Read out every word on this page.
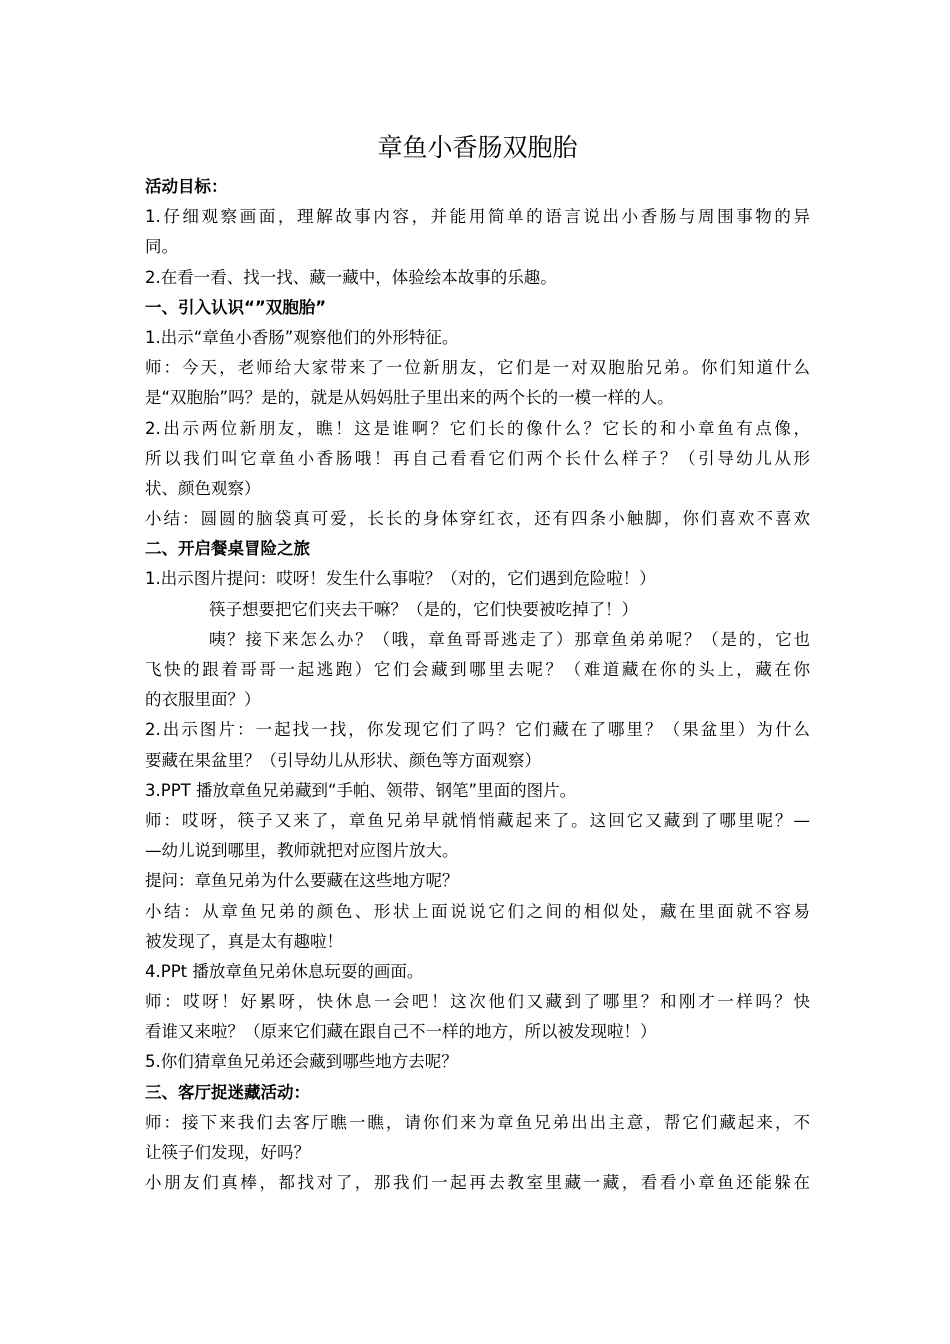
章鱼小香肠双胞胎
活动目标：
1.仔细观察画面，理解故事内容，并能用简单的语言说出小香肠与周围事物的异
同。
2.在看一看、找一找、藏一藏中，体验绘本故事的乐趣。
一、引入认识“”双胞胎”
1.出示“章鱼小香肠”观察他们的外形特征。
师：今天，老师给大家带来了一位新朋友，它们是一对双胞胎兄弟。你们知道什么
是“双胞胎”吗？是的，就是从妈妈肚子里出来的两个长的一模一样的人。
2.出示两位新朋友，瞧！这是谁啊？它们长的像什么？它长的和小章鱼有点像，
所以我们叫它章鱼小香肠哦！再自己看看它们两个长什么样子？（引导幼儿从形
状、颜色观察）
小结：圆圆的脑袋真可爱，长长的身体穿红衣，还有四条小触脚，你们喜欢不喜欢
二、开启餐桌冒险之旅
1.出示图片提问：哎呀！发生什么事啦？（对的，它们遇到危险啦！）
筷子想要把它们夹去干嘛？（是的，它们快要被吃掉了！）
咦？接下来怎么办？（哦，章鱼哥哥逃走了）那章鱼弟弟呢？（是的，它也
飞快的跟着哥哥一起逃跑）它们会藏到哪里去呢？（难道藏在你的头上，藏在你
的衣服里面？）
2.出示图片：一起找一找，你发现它们了吗？它们藏在了哪里？（果盆里）为什么
要藏在果盆里？（引导幼儿从形状、颜色等方面观察）
3.PPT 播放章鱼兄弟藏到“手帕、领带、钢笔”里面的图片。
师：哎呀，筷子又来了，章鱼兄弟早就悄悄藏起来了。这回它又藏到了哪里呢？—
—幼儿说到哪里，教师就把对应图片放大。
提问：章鱼兄弟为什么要藏在这些地方呢？
小结：从章鱼兄弟的颜色、形状上面说说它们之间的相似处，藏在里面就不容易
被发现了，真是太有趣啦！
4.PPt 播放章鱼兄弟休息玩耍的画面。
师：哎呀！好累呀，快休息一会吧！这次他们又藏到了哪里？和刚才一样吗？快
看谁又来啦？（原来它们藏在跟自己不一样的地方，所以被发现啦！）
5.你们猜章鱼兄弟还会藏到哪些地方去呢？
三、客厅捉迷藏活动：
师：接下来我们去客厅瞧一瞧，请你们来为章鱼兄弟出出主意，帮它们藏起来，不
让筷子们发现，好吗？
小朋友们真棒，都找对了，那我们一起再去教室里藏一藏，看看小章鱼还能躲在
